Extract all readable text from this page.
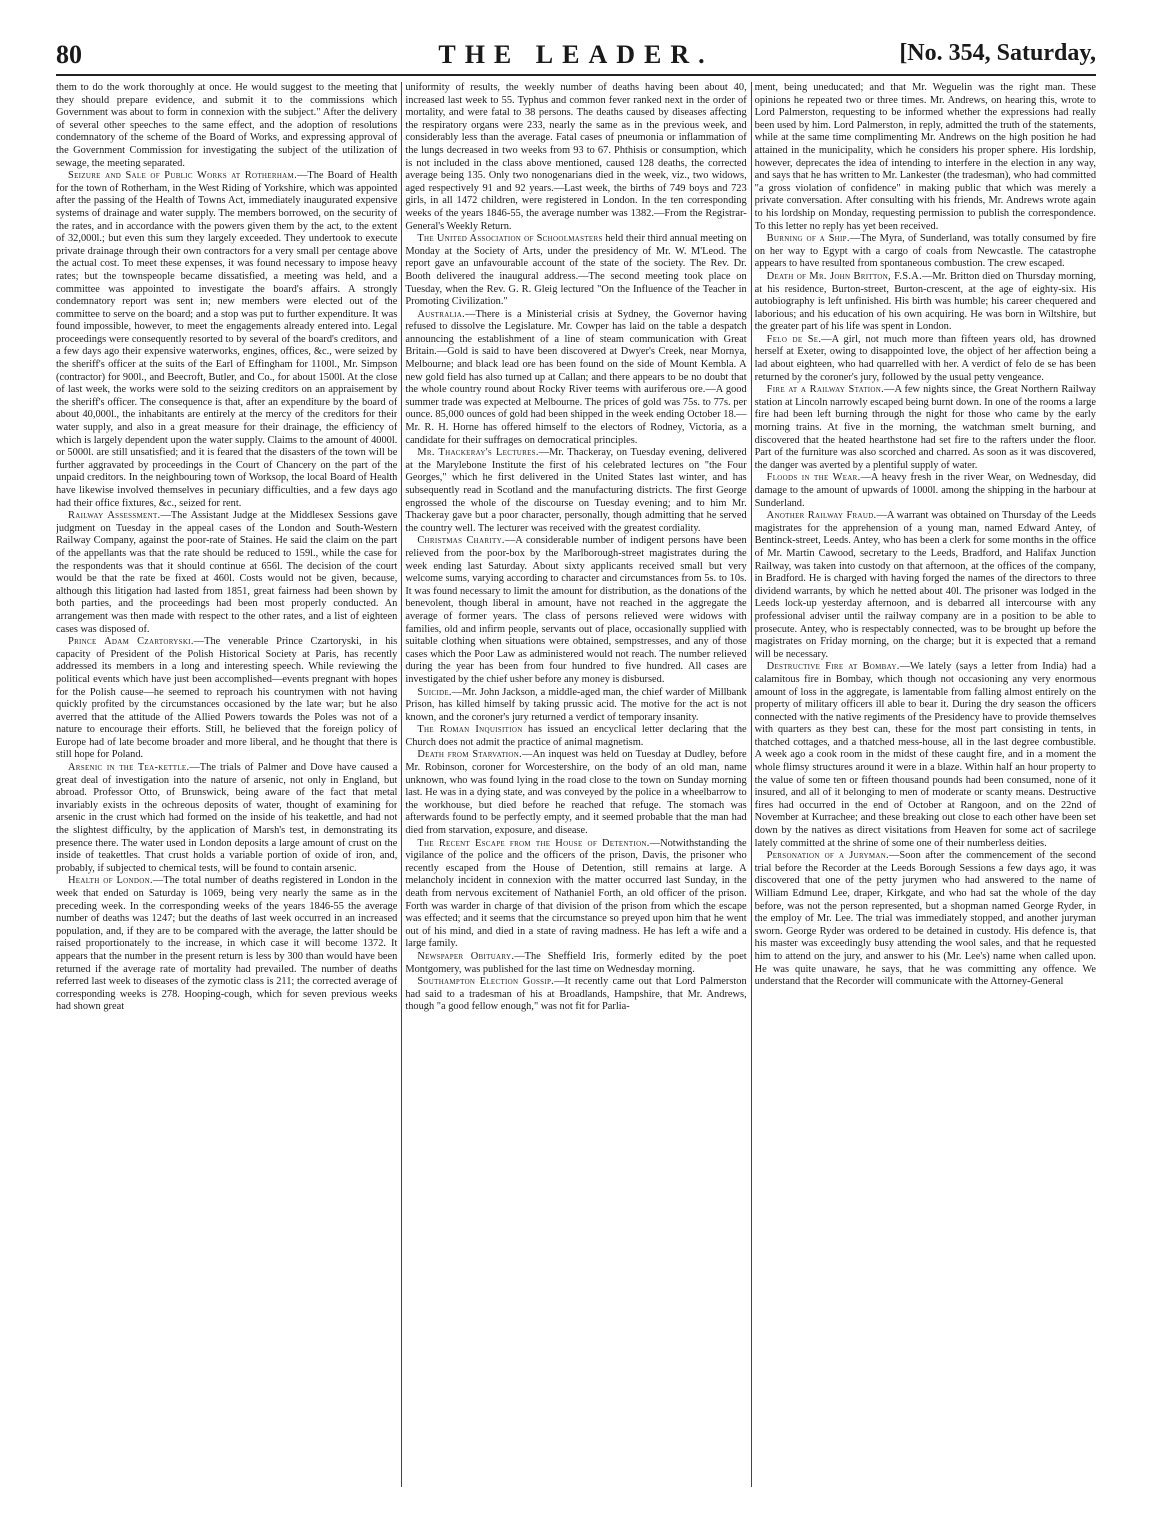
80	THE LEADER.	[No. 354, Saturday,

them to do the work thoroughly at once. He would suggest to the meeting that they should prepare evidence, and submit it to the commissions which Government was about to form in connexion with the subject." After the delivery of several other speeches to the same effect, and the adoption of resolutions condemnatory of the scheme of the Board of Works, and expressing approval of the Government Commission for investigating the subject of the utilization of sewage, the meeting separated.

Seizure and Sale of Public Works at Rotherham.—The Board of Health for the town of Rotherham, in the West Riding of Yorkshire, which was appointed after the passing of the Health of Towns Act, immediately inaugurated expensive systems of drainage and water supply. The members borrowed, on the security of the rates, and in accordance with the powers given them by the act, to the extent of 32,000l.; but even this sum they largely exceeded. They undertook to execute private drainage through their own contractors for a very small per centage above the actual cost. To meet these expenses, it was found necessary to impose heavy rates; but the townspeople became dissatisfied, a meeting was held, and a committee was appointed to investigate the board's affairs. A strongly condemnatory report was sent in; new members were elected out of the committee to serve on the board; and a stop was put to further expenditure. It was found impossible, however, to meet the engagements already entered into. Legal proceedings were consequently resorted to by several of the board's creditors, and a few days ago their expensive waterworks, engines, offices, &c., were seized by the sheriff's officer at the suits of the Earl of Effingham for 1100l., Mr. Simpson (contractor) for 900l., and Beecroft, Butler, and Co., for about 1500l. At the close of last week, the works were sold to the seizing creditors on an appraisement by the sheriff's officer. The consequence is that, after an expenditure by the board of about 40,000l., the inhabitants are entirely at the mercy of the creditors for their water supply, and also in a great measure for their drainage, the efficiency of which is largely dependent upon the water supply. Claims to the amount of 4000l. or 5000l. are still unsatisfied; and it is feared that the disasters of the town will be further aggravated by proceedings in the Court of Chancery on the part of the unpaid creditors. In the neighbouring town of Worksop, the local Board of Health have likewise involved themselves in pecuniary difficulties, and a few days ago had their office fixtures, &c., seized for rent.

Railway Assessment.—The Assistant Judge at the Middlesex Sessions gave judgment on Tuesday in the appeal cases of the London and South-Western Railway Company, against the poor-rate of Staines. He said the claim on the part of the appellants was that the rate should be reduced to 159l., while the case for the respondents was that it should continue at 656l. The decision of the court would be that the rate be fixed at 460l. Costs would not be given, because, although this litigation had lasted from 1851, great fairness had been shown by both parties, and the proceedings had been most properly conducted. An arrangement was then made with respect to the other rates, and a list of eighteen cases was disposed of.

Prince Adam Czartoryski.—The venerable Prince Czartoryski, in his capacity of President of the Polish Historical Society at Paris, has recently addressed its members in a long and interesting speech. While reviewing the political events which have just been accomplished—events pregnant with hopes for the Polish cause—he seemed to reproach his countrymen with not having quickly profited by the circumstances occasioned by the late war; but he also averred that the attitude of the Allied Powers towards the Poles was not of a nature to encourage their efforts. Still, he believed that the foreign policy of Europe had of late become broader and more liberal, and he thought that there is still hope for Poland.

Arsenic in the Tea-kettle.—The trials of Palmer and Dove have caused a great deal of investigation into the nature of arsenic, not only in England, but abroad. Professor Otto, of Brunswick, being aware of the fact that metal invariably exists in the ochreous deposits of water, thought of examining for arsenic in the crust which had formed on the inside of his teakettle, and had not the slightest difficulty, by the application of Marsh's test, in demonstrating its presence there. The water used in London deposits a large amount of crust on the inside of teakettles. That crust holds a variable portion of oxide of iron, and, probably, if subjected to chemical tests, will be found to contain arsenic.

Health of London.—The total number of deaths registered in London in the week that ended on Saturday is 1069, being very nearly the same as in the preceding week. In the corresponding weeks of the years 1846-55 the average number of deaths was 1247; but the deaths of last week occurred in an increased population, and, if they are to be compared with the average, the latter should be raised proportionately to the increase, in which case it will become 1372. It appears that the number in the present return is less by 300 than would have been returned if the average rate of mortality had prevailed. The number of deaths referred last week to diseases of the zymotic class is 211; the corrected average of corresponding weeks is 278. Hooping-cough, which for seven previous weeks had shown great

uniformity of results, the weekly number of deaths having been about 40, increased last week to 55. Typhus and common fever ranked next in the order of mortality, and were fatal to 38 persons. The deaths caused by diseases affecting the respiratory organs were 233, nearly the same as in the previous week, and considerably less than the average. Fatal cases of pneumonia or inflammation of the lungs decreased in two weeks from 93 to 67. Phthisis or consumption, which is not included in the class above mentioned, caused 128 deaths, the corrected average being 135. Only two nonogenarians died in the week, viz., two widows, aged respectively 91 and 92 years.—Last week, the births of 749 boys and 723 girls, in all 1472 children, were registered in London. In the ten corresponding weeks of the years 1846-55, the average number was 1382.—From the Registrar-General's Weekly Return.

The United Association of Schoolmasters held their third annual meeting on Monday at the Society of Arts, under the presidency of Mr. W. M'Leod. The report gave an unfavourable account of the state of the society. The Rev. Dr. Booth delivered the inaugural address.—The second meeting took place on Tuesday, when the Rev. G. R. Gleig lectured "On the Influence of the Teacher in Promoting Civilization."

Australia.—There is a Ministerial crisis at Sydney, the Governor having refused to dissolve the Legislature. Mr. Cowper has laid on the table a despatch announcing the establishment of a line of steam communication with Great Britain.—Gold is said to have been discovered at Dwyer's Creek, near Mornya, Melbourne; and black lead ore has been found on the side of Mount Kembla. A new gold field has also turned up at Callan; and there appears to be no doubt that the whole country round about Rocky River teems with auriferous ore.—A good summer trade was expected at Melbourne. The prices of gold was 75s. to 77s. per ounce. 85,000 ounces of gold had been shipped in the week ending October 18.—Mr. R. H. Horne has offered himself to the electors of Rodney, Victoria, as a candidate for their suffrages on democratical principles.

Mr. Thackeray's Lectures.—Mr. Thackeray, on Tuesday evening, delivered at the Marylebone Institute the first of his celebrated lectures on "the Four Georges," which he first delivered in the United States last winter, and has subsequently read in Scotland and the manufacturing districts. The first George engrossed the whole of the discourse on Tuesday evening; and to him Mr. Thackeray gave but a poor character, personally, though admitting that he served the country well. The lecturer was received with the greatest cordiality.

Christmas Charity.—A considerable number of indigent persons have been relieved from the poor-box by the Marlborough-street magistrates during the week ending last Saturday. About sixty applicants received small but very welcome sums, varying according to character and circumstances from 5s. to 10s. It was found necessary to limit the amount for distribution, as the donations of the benevolent, though liberal in amount, have not reached in the aggregate the average of former years. The class of persons relieved were widows with families, old and infirm people, servants out of place, occasionally supplied with suitable clothing when situations were obtained, sempstresses, and any of those cases which the Poor Law as administered would not reach. The number relieved during the year has been from four hundred to five hundred. All cases are investigated by the chief usher before any money is disbursed.

Suicide.—Mr. John Jackson, a middle-aged man, the chief warder of Millbank Prison, has killed himself by taking prussic acid. The motive for the act is not known, and the coroner's jury returned a verdict of temporary insanity.

The Roman Inquisition has issued an encyclical letter declaring that the Church does not admit the practice of animal magnetism.

Death from Starvation.—An inquest was held on Tuesday at Dudley, before Mr. Robinson, coroner for Worcestershire, on the body of an old man, name unknown, who was found lying in the road close to the town on Sunday morning last. He was in a dying state, and was conveyed by the police in a wheelbarrow to the workhouse, but died before he reached that refuge. The stomach was afterwards found to be perfectly empty, and it seemed probable that the man had died from starvation, exposure, and disease.

The Recent Escape from the House of Detention.—Notwithstanding the vigilance of the police and the officers of the prison, Davis, the prisoner who recently escaped from the House of Detention, still remains at large. A melancholy incident in connexion with the matter occurred last Sunday, in the death from nervous excitement of Nathaniel Forth, an old officer of the prison. Forth was warder in charge of that division of the prison from which the escape was effected; and it seems that the circumstance so preyed upon him that he went out of his mind, and died in a state of raving madness. He has left a wife and a large family.

Newspaper Obituary.—The Sheffield Iris, formerly edited by the poet Montgomery, was published for the last time on Wednesday morning.

Southampton Election Gossip.—It recently came out that Lord Palmerston had said to a tradesman of his at Broadlands, Hampshire, that Mr. Andrews, though "a good fellow enough," was not fit for Parlia-

ment, being uneducated; and that Mr. Weguelin was the right man. These opinions he repeated two or three times. Mr. Andrews, on hearing this, wrote to Lord Palmerston, requesting to be informed whether the expressions had really been used by him. Lord Palmerston, in reply, admitted the truth of the statements, while at the same time complimenting Mr. Andrews on the high position he had attained in the municipality, which he considers his proper sphere. His lordship, however, deprecates the idea of intending to interfere in the election in any way, and says that he has written to Mr. Lankester (the tradesman), who had committed "a gross violation of confidence" in making public that which was merely a private conversation. After consulting with his friends, Mr. Andrews wrote again to his lordship on Monday, requesting permission to publish the correspondence. To this letter no reply has yet been received.

Burning of a Ship.—The Myra, of Sunderland, was totally consumed by fire on her way to Egypt with a cargo of coals from Newcastle. The catastrophe appears to have resulted from spontaneous combustion. The crew escaped.

Death of Mr. John Britton, F.S.A.—Mr. Britton died on Thursday morning, at his residence, Burton-street, Burton-crescent, at the age of eighty-six. His autobiography is left unfinished. His birth was humble; his career chequered and laborious; and his education of his own acquiring. He was born in Wiltshire, but the greater part of his life was spent in London.

Felo de Se.—A girl, not much more than fifteen years old, has drowned herself at Exeter, owing to disappointed love, the object of her affection being a lad about eighteen, who had quarrelled with her. A verdict of felo de se has been returned by the coroner's jury, followed by the usual petty vengeance.

Fire at a Railway Station.—A few nights since, the Great Northern Railway station at Lincoln narrowly escaped being burnt down. In one of the rooms a large fire had been left burning through the night for those who came by the early morning trains. At five in the morning, the watchman smelt burning, and discovered that the heated hearthstone had set fire to the rafters under the floor. Part of the furniture was also scorched and charred. As soon as it was discovered, the danger was averted by a plentiful supply of water.

Floods in the Wear.—A heavy fresh in the river Wear, on Wednesday, did damage to the amount of upwards of 1000l. among the shipping in the harbour at Sunderland.

Another Railway Fraud.—A warrant was obtained on Thursday of the Leeds magistrates for the apprehension of a young man, named Edward Antey, of Bentinck-street, Leeds. Antey, who has been a clerk for some months in the office of Mr. Martin Cawood, secretary to the Leeds, Bradford, and Halifax Junction Railway, was taken into custody on that afternoon, at the offices of the company, in Bradford. He is charged with having forged the names of the directors to three dividend warrants, by which he netted about 40l. The prisoner was lodged in the Leeds lock-up yesterday afternoon, and is debarred all intercourse with any professional adviser until the railway company are in a position to be able to prosecute. Antey, who is respectably connected, was to be brought up before the magistrates on Friday morning, on the charge; but it is expected that a remand will be necessary.

Destructive Fire at Bombay.—We lately (says a letter from India) had a calamitous fire in Bombay, which though not occasioning any very enormous amount of loss in the aggregate, is lamentable from falling almost entirely on the property of military officers ill able to bear it. During the dry season the officers connected with the native regiments of the Presidency have to provide themselves with quarters as they best can, these for the most part consisting in tents, in thatched cottages, and a thatched mess-house, all in the last degree combustible. A week ago a cook room in the midst of these caught fire, and in a moment the whole flimsy structures around it were in a blaze. Within half an hour property to the value of some ten or fifteen thousand pounds had been consumed, none of it insured, and all of it belonging to men of moderate or scanty means. Destructive fires had occurred in the end of October at Rangoon, and on the 22nd of November at Kurrachee; and these breaking out close to each other have been set down by the natives as direct visitations from Heaven for some act of sacrilege lately committed at the shrine of some one of their numberless deities.

Personation of a Juryman.—Soon after the commencement of the second trial before the Recorder at the Leeds Borough Sessions a few days ago, it was discovered that one of the petty jurymen who had answered to the name of William Edmund Lee, draper, Kirkgate, and who had sat the whole of the day before, was not the person represented, but a shopman named George Ryder, in the employ of Mr. Lee. The trial was immediately stopped, and another juryman sworn. George Ryder was ordered to be detained in custody. His defence is, that his master was exceedingly busy attending the wool sales, and that he requested him to attend on the jury, and answer to his (Mr. Lee's) name when called upon. He was quite unaware, he says, that he was committing any offence. We understand that the Recorder will communicate with the Attorney-General
